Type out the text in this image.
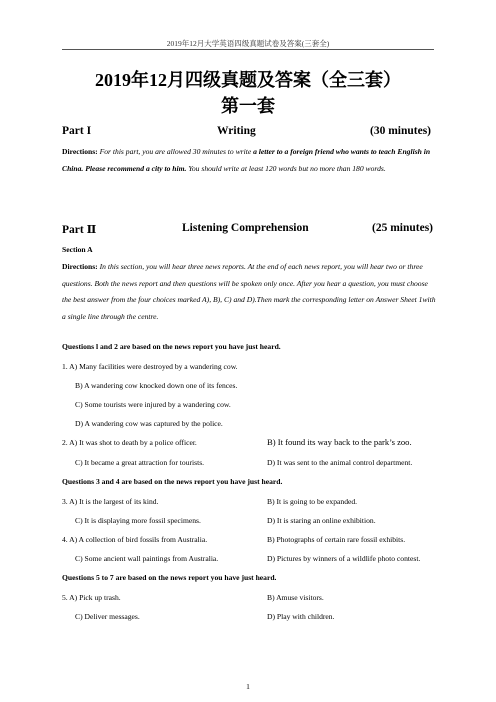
2019年12月大学英语四级真题试卷及答案(三套全)
2019年12月四级真题及答案（全三套）
第一套
Part I	Writing	(30 minutes)
Directions: For this part, you are allowed 30 minutes to write a letter to a foreign friend who wants to teach English in China. Please recommend a city to him. You should write at least 120 words but no more than 180 words.
Part Ⅱ	Listening Comprehension	(25 minutes)
Section A
Directions: In this section, you will hear three news reports. At the end of each news report, you will hear two or three questions. Both the news report and then questions will be spoken only once. After you hear a question, you must choose the best answer from the four choices marked A), B), C) and D).Then mark the corresponding letter on Answer Sheet 1with a single line through the centre.
Questions l and 2 are based on the news report you have just heard.
1. A) Many facilities were destroyed by a wandering cow.
B) A wandering cow knocked down one of its fences.
C) Some tourists were injured by a wandering cow.
D) A wandering cow was captured by the police.
2. A) It was shot to death by a police officer.	B) It found its way back to the park’s zoo.
C) It became a great attraction for tourists.	D) It was sent to the animal control department.
Questions 3 and 4 are based on the news report you have just heard.
3. A) It is the largest of its kind.	B) It is going to be expanded.
C) It is displaying more fossil specimens.	D) It is staring an online exhibition.
4. A) A collection of bird fossils from Australia.	B) Photographs of certain rare fossil exhibits.
C) Some ancient wall paintings from Australia.	D) Pictures by winners of a wildlife photo contest.
Questions 5 to 7 are based on the news report you have just heard.
5. A) Pick up trash.	B) Amuse visitors.
C) Deliver messages.	D) Play with children.
1
